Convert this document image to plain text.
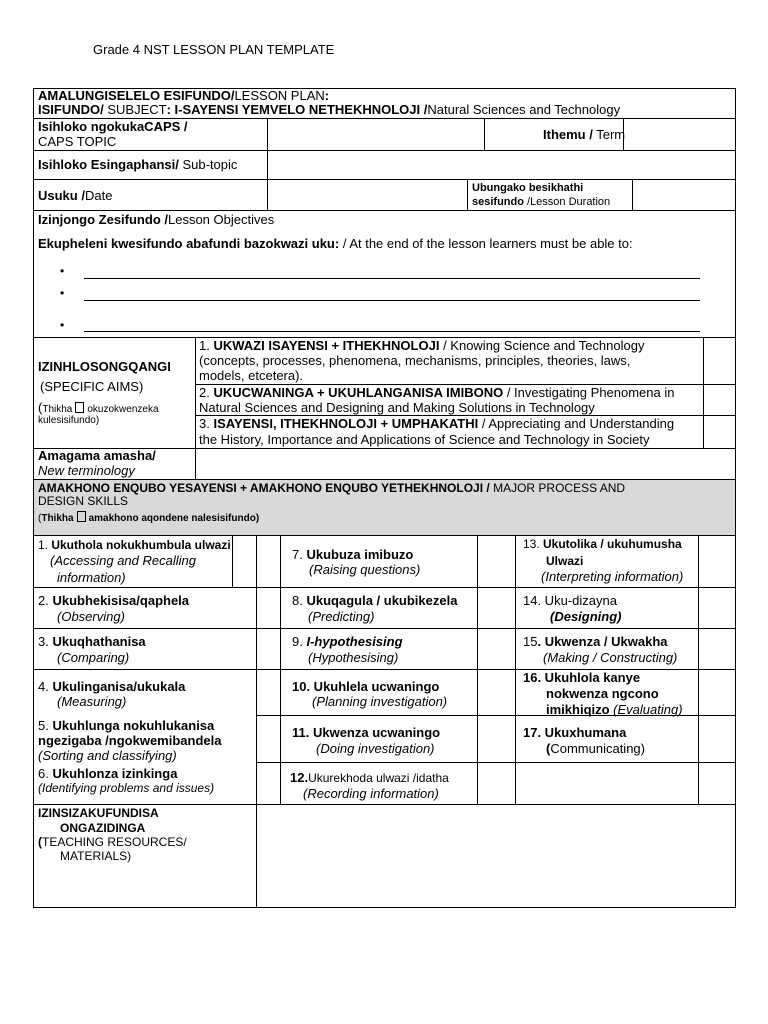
Grade 4 NST LESSON PLAN TEMPLATE
AMALUNGISELELO ESIFUNDO/LESSON PLAN:
ISIFUNDO/ SUBJECT: I-SAYENSI YEMVELO NETHEKHNOLOJI /Natural Sciences and Technology
Isihloko ngokukaCAPS /
CAPS TOPIC	Ithemu / Term
Isihloko Esingaphansi/ Sub-topic
Usuku /Date	Ubungako besikhathi
sesifundo /Lesson Duration
Izinjongo Zesifundo /Lesson Objectives
Ekupheleni kwesifundo abafundi bazokwazi uku: / At the end of the lesson learners must be able to:
•
•
•
IZINHLOSONGQANGI
(SPECIFIC AIMS)
(Thikha okuzokwenzeka
kulesisifundo)
1. UKWAZI ISAYENSI + ITHEKHNOLOJI / Knowing Science and Technology
(concepts, processes, phenomena, mechanisms, principles, theories, laws,
models, etcetera).
2. UKUCWANINGA + UKUHLANGANISA IMIBONO / Investigating Phenomena in
Natural Sciences and Designing and Making Solutions in Technology
3. ISAYENSI, ITHEKHNOLOJI + UMPHAKATHI / Appreciating and Understanding
the History, Importance and Applications of Science and Technology in Society
Amagama amasha/
New terminology
AMAKHONO ENQUBO YESAYENSI + AMAKHONO ENQUBO YETHEKHNOLOJI / MAJOR PROCESS AND
DESIGN SKILLS
(Thikha amakhono aqondene nalesisifundo)
1. Ukuthola nokukhumbula ulwazi
(Accessing and Recalling
information)
2. Ukubhekisisa/qaphela
(Observing)
3. Ukuqhathanisa
(Comparing)
4. Ukulinganisa/ukukala
(Measuring)
5. Ukuhlunga nokuhlukanisa
ngezigaba /ngokwemibandela
(Sorting and classifying)
6. Ukuhlonza izinkinga
(Identifying problems and issues)
7. Ukubuza imibuzo
(Raising questions)
8. Ukuqagula / ukubikezela
(Predicting)
9. I-hypothesising
(Hypothesising)
10. Ukuhlela ucwaningo
(Planning investigation)
11. Ukwenza ucwaningo
(Doing investigation)
12.Ukurekhoda ulwazi /idatha
(Recording information)
13. Ukutolika / ukuhumusha
Ulwazi
(Interpreting information)
14. Uku-dizayna
(Designing)
15. Ukwenza / Ukwakha
(Making / Constructing)
16. Ukuhlola kanye
nokwenza ngcono
imikhiqizo (Evaluating)
17. Ukuxhumana
(Communicating)
IZINSIZAKUFUNDISA
ONGAZIDINGA
(TEACHING RESOURCES/
MATERIALS)
